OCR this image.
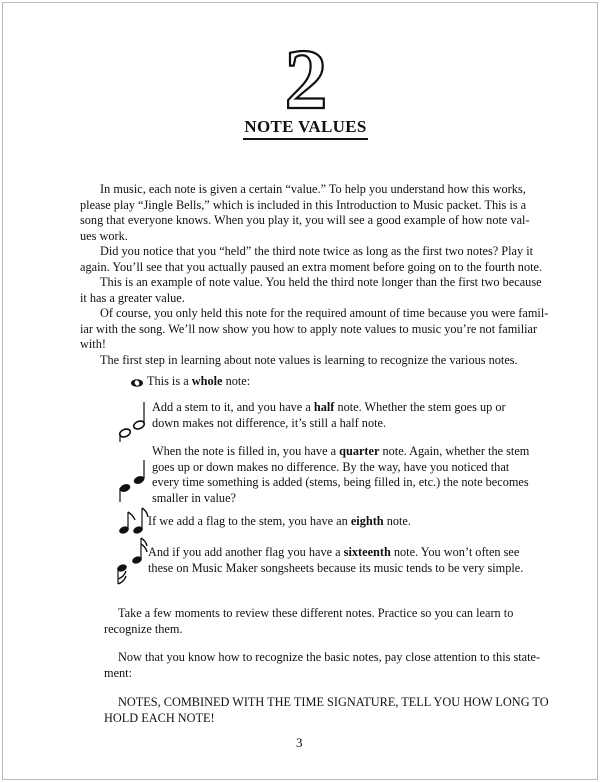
2
NOTE VALUES
In music, each note is given a certain “value.” To help you understand how this works,
please play “Jingle Bells,” which is included in this Introduction to Music packet. This is a
song that everyone knows. When you play it, you will see a good example of how note val-
ues work.
Did you notice that you “held” the third note twice as long as the first two notes? Play it
again. You’ll see that you actually paused an extra moment before going on to the fourth note.
This is an example of note value. You held the third note longer than the first two because
it has a greater value.
Of course, you only held this note for the required amount of time because you were famil-
iar with the song. We’ll now show you how to apply note values to music you’re not familiar
with!
The first step in learning about note values is learning to recognize the various notes.

This is a whole note:

Add a stem to it, and you have a half note. Whether the stem goes up or
down makes not difference, it’s still a half note.

When the note is filled in, you have a quarter note. Again, whether the stem
goes up or down makes no difference. By the way, have you noticed that
every time something is added (stems, being filled in, etc.) the note becomes
smaller in value?

If we add a flag to the stem, you have an eighth note.

And if you add another flag you have a sixteenth note. You won’t often see
these on Music Maker songsheets because its music tends to be very simple.

Take a few moments to review these different notes. Practice so you can learn to
recognize them.

Now that you know how to recognize the basic notes, pay close attention to this state-
ment:

NOTES, COMBINED WITH THE TIME SIGNATURE, TELL YOU HOW LONG TO
HOLD EACH NOTE!

3
